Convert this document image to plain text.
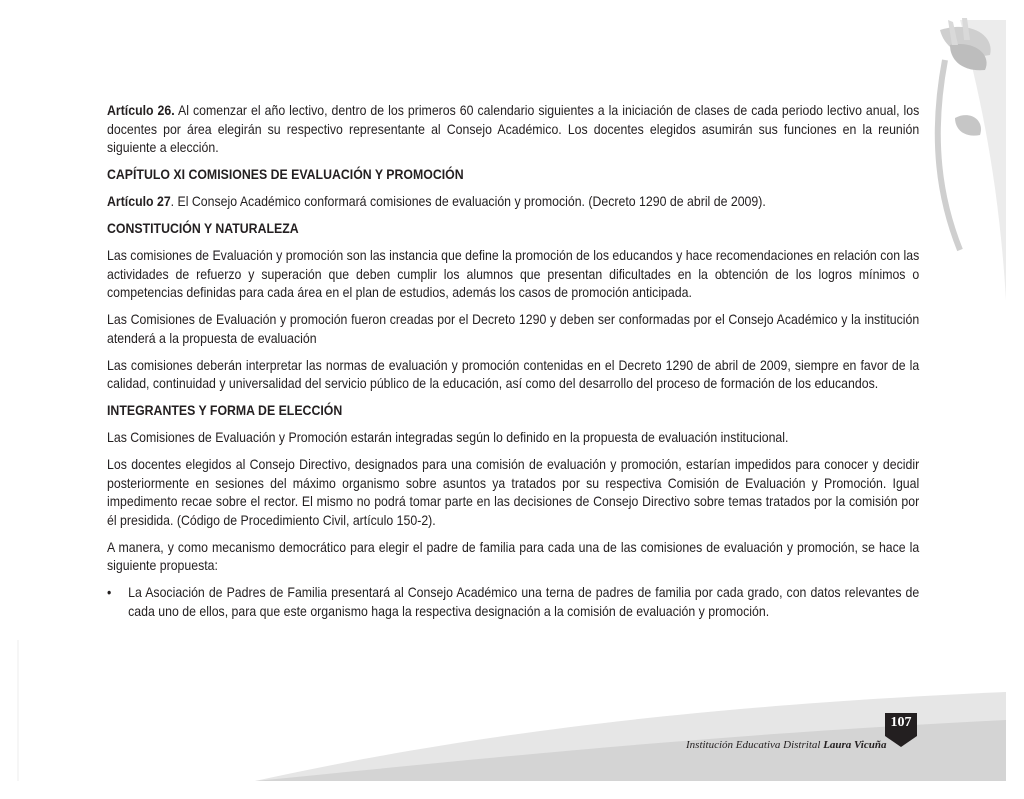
Artículo 26. Al comenzar el año lectivo, dentro de los primeros 60 calendario siguientes a la iniciación de clases de cada periodo lectivo anual, los docentes por área elegirán su respectivo representante al Consejo Académico. Los docentes elegidos asumirán sus funciones en la reunión siguiente a elección.

CAPÍTULO XI COMISIONES DE EVALUACIÓN Y PROMOCIÓN

Artículo 27. El Consejo Académico conformará comisiones de evaluación y promoción. (Decreto 1290 de abril de 2009).

CONSTITUCIÓN Y NATURALEZA

Las comisiones de Evaluación y promoción son las instancia que define la promoción de los educandos y hace recomendaciones en relación con las actividades de refuerzo y superación que deben cumplir los alumnos que presentan dificultades en la obtención de los logros mínimos o competencias definidas para cada área en el plan de estudios, además los casos de promoción anticipada.

Las Comisiones de Evaluación y promoción fueron creadas por el Decreto 1290 y deben ser conformadas por el Consejo Académico y la institución atenderá a la propuesta de evaluación

Las comisiones deberán interpretar las normas de evaluación y promoción contenidas en el Decreto 1290 de abril de 2009, siempre en favor de la calidad, continuidad y universalidad del servicio público de la educación, así como del desarrollo del proceso de formación de los educandos.

INTEGRANTES Y FORMA DE ELECCIÓN

Las Comisiones de Evaluación y Promoción estarán integradas según lo definido en la propuesta de evaluación institucional.

Los docentes elegidos al Consejo Directivo, designados para una comisión de evaluación y promoción, estarían impedidos para conocer y decidir posteriormente en sesiones del máximo organismo sobre asuntos ya tratados por su respectiva Comisión de Evaluación y Promoción. Igual impedimento recae sobre el rector. El mismo no podrá tomar parte en las decisiones de Consejo Directivo sobre temas tratados por la comisión por él presidida. (Código de Procedimiento Civil, artículo 150-2).

A manera, y como mecanismo democrático para elegir el padre de familia para cada una de las comisiones de evaluación y promoción, se hace la siguiente propuesta:

•	La Asociación de Padres de Familia presentará al Consejo Académico una terna de padres de familia por cada grado, con datos relevantes de cada uno de ellos, para que este organismo haga la respectiva designación a la comisión de evaluación y promoción.
107
Institución Educativa Distrital Laura Vicuña
